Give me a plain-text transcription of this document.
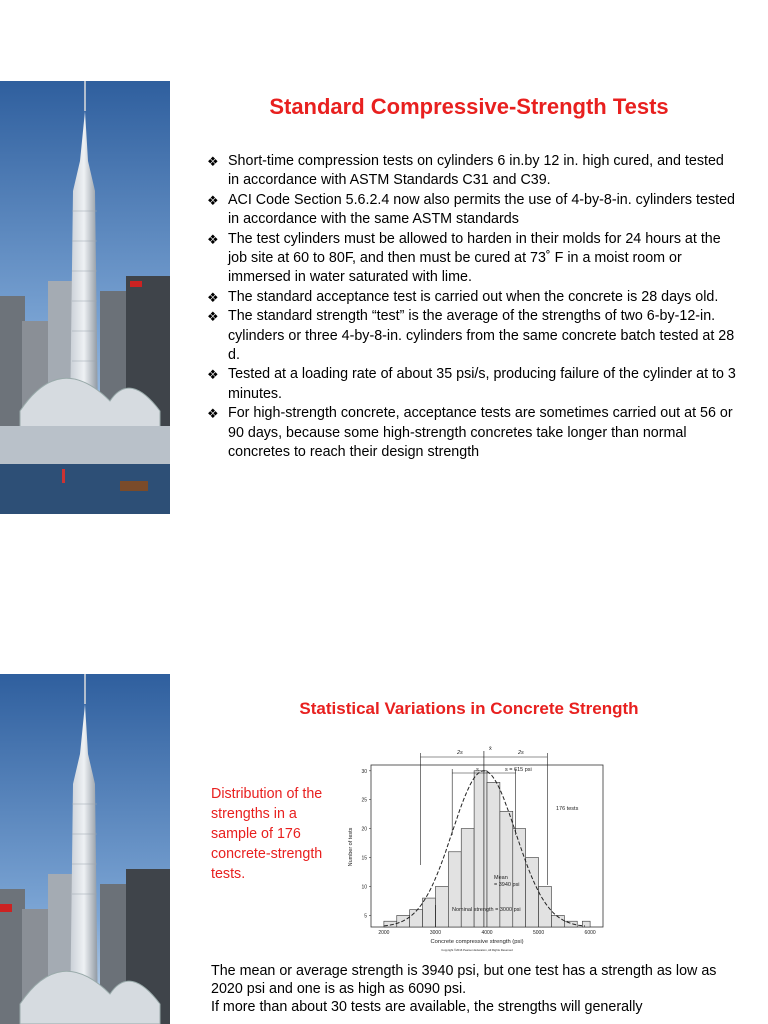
Standard Compressive-Strength Tests
❖ Short-time compression tests on cylinders 6 in.by 12 in. high cured, and tested in accordance with ASTM Standards C31 and C39.
❖ ACI Code Section 5.6.2.4 now also permits the use of 4-by-8-in. cylinders tested in accordance with the same ASTM standards
❖ The test cylinders must be allowed to harden in their molds for 24 hours at the job site at 60 to 80F, and then must be cured at 73˚ F in a moist room or immersed in water saturated with lime.
❖ The standard acceptance test is carried out when the concrete is 28 days old.
❖ The standard strength “test” is the average of the strengths of two 6-by-12-in. cylinders or three 4-by-8-in. cylinders from the same concrete batch tested at 28 d.
❖ Tested at a loading rate of about 35 psi/s, producing failure of the cylinder at to 3 minutes.
❖ For high-strength concrete, acceptance tests are sometimes carried out at 56 or 90 days, because some high-strength concretes take longer than normal concretes to reach their design strength
Statistical Variations in Concrete Strength
Distribution of the strengths in a sample of 176 concrete-strength tests.
5
10
15
20
25
30
2000	3000	4000	5000	6000
Number of tests
Concrete compressive strength (psi)
176 tests
Mean
= 3940 psi
Nominal strength = 3000 psi
s = 615 psi
s
2s	2s
x̄
Copyright ©2016 Pearson Education, All Rights Reserved

The mean or average strength is 3940 psi, but one test has a strength as low as 2020 psi and one is as high as 6090 psi.

If more than about 30 tests are available, the strengths will generally
